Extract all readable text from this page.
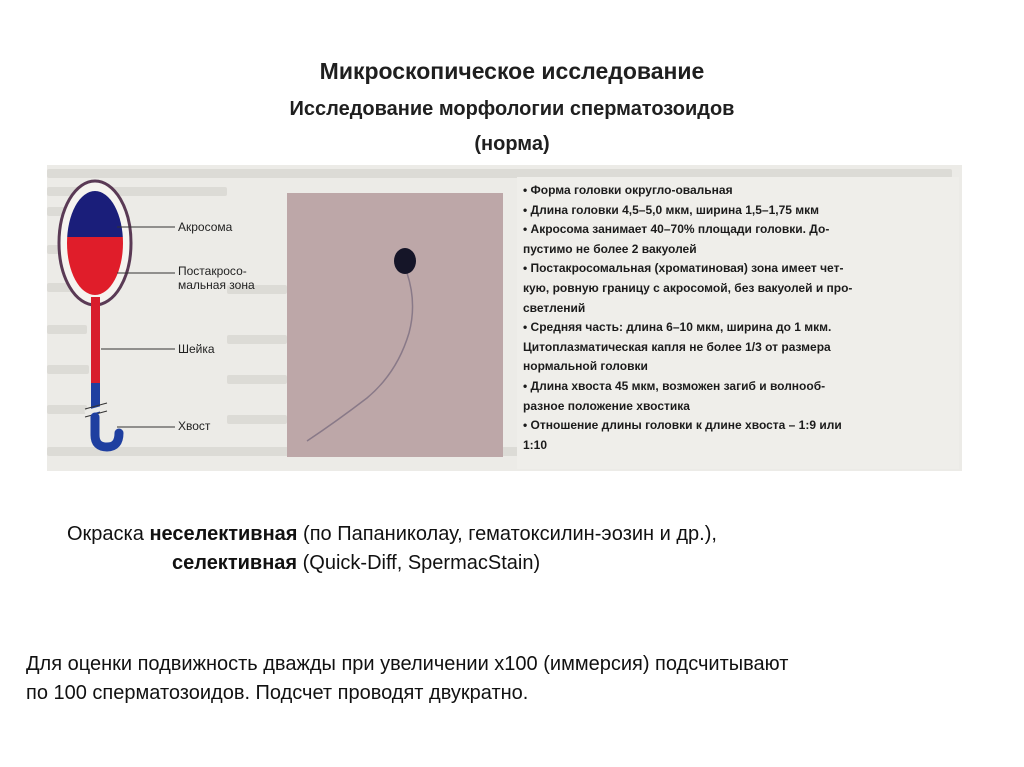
Микроскопическое исследование
Исследование морфологии сперматозоидов
(норма)
Акросома
Постакросо-
мальная зона
Шейка
Хвост
• Форма головки округло-овальная
• Длина головки 4,5–5,0 мкм, ширина 1,5–1,75 мкм
• Акросома занимает 40–70% площади головки. До-
пустимо не более 2 вакуолей
• Постакросомальная (хроматиновая) зона имеет чет-
кую, ровную границу с акросомой, без вакуолей и про-
светлений
• Средняя часть: длина 6–10 мкм, ширина до 1 мкм.
Цитоплазматическая капля не более 1/3 от размера
нормальной головки
• Длина хвоста 45 мкм, возможен загиб и волнооб-
разное положение хвостика
• Отношение длины головки к длине хвоста – 1:9 или
1:10
Окраска неселективная (по Папаниколау, гематоксилин-эозин и др.),
селективная (Quick-Diff, SpermacStain)
Для оценки подвижность дважды при увеличении х100 (иммерсия) подсчитывают
по 100 сперматозоидов. Подсчет проводят двукратно.
